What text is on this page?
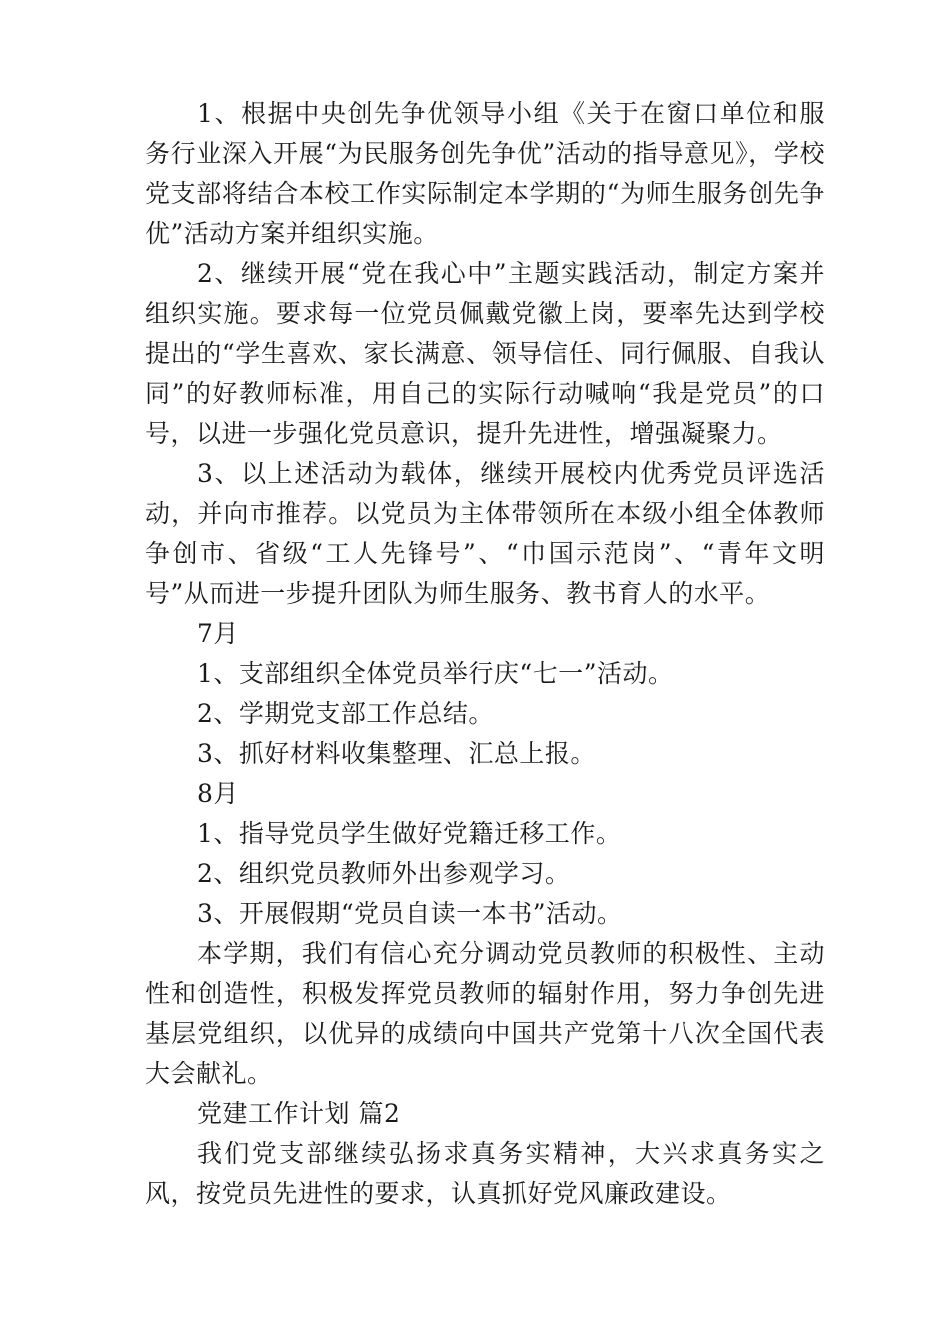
1、根据中央创先争优领导小组《关于在窗口单位和服务行业深入开展“为民服务创先争优”活动的指导意见》，学校党支部将结合本校工作实际制定本学期的“为师生服务创先争优”活动方案并组织实施。

2、继续开展“党在我心中”主题实践活动，制定方案并组织实施。要求每一位党员佩戴党徽上岗，要率先达到学校提出的“学生喜欢、家长满意、领导信任、同行佩服、自我认同”的好教师标准，用自己的实际行动喊响“我是党员”的口号，以进一步强化党员意识，提升先进性，增强凝聚力。

3、以上述活动为载体，继续开展校内优秀党员评选活动，并向市推荐。以党员为主体带领所在本级小组全体教师争创市、省级“工人先锋号”、“巾国示范岗”、“青年文明号”从而进一步提升团队为师生服务、教书育人的水平。

7月

1、支部组织全体党员举行庆“七一”活动。

2、学期党支部工作总结。

3、抓好材料收集整理、汇总上报。

8月

1、指导党员学生做好党籍迁移工作。

2、组织党员教师外出参观学习。

3、开展假期“党员自读一本书”活动。

本学期，我们有信心充分调动党员教师的积极性、主动性和创造性，积极发挥党员教师的辐射作用，努力争创先进基层党组织，以优异的成绩向中国共产党第十八次全国代表大会献礼。

党建工作计划 篇2

我们党支部继续弘扬求真务实精神，大兴求真务实之风，按党员先进性的要求，认真抓好党风廉政建设。
